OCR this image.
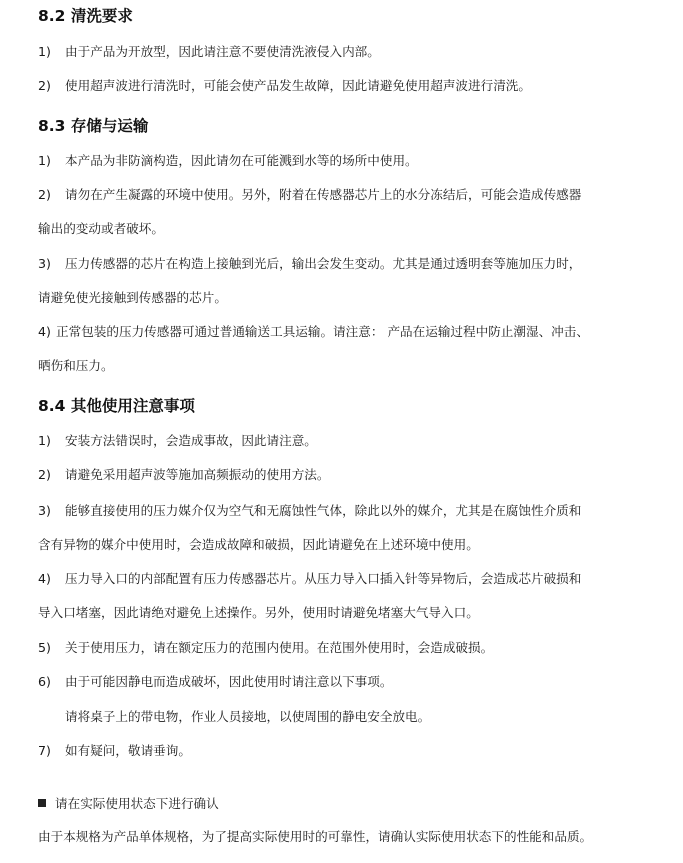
8.2 清洗要求
1) 由于产品为开放型，因此请注意不要使清洗液侵入内部。
2) 使用超声波进行清洗时，可能会使产品发生故障，因此请避免使用超声波进行清洗。
8.3 存储与运输
1) 本产品为非防滴构造，因此请勿在可能溅到水等的场所中使用。
2) 请勿在产生凝露的环境中使用。另外，附着在传感器芯片上的水分冻结后，可能会造成传感器
输出的变动或者破坏。
3) 压力传感器的芯片在构造上接触到光后，输出会发生变动。尤其是通过透明套等施加压力时，
请避免使光接触到传感器的芯片。
4) 正常包装的压力传感器可通过普通输送工具运输。请注意： 产品在运输过程中防止潮湿、冲击、
晒伤和压力。
8.4 其他使用注意事项
1) 安装方法错误时，会造成事故，因此请注意。
2) 请避免采用超声波等施加高频振动的使用方法。
3) 能够直接使用的压力媒介仅为空气和无腐蚀性气体，除此以外的媒介，尤其是在腐蚀性介质和
含有异物的媒介中使用时，会造成故障和破损，因此请避免在上述环境中使用。
4) 压力导入口的内部配置有压力传感器芯片。从压力导入口插入针等异物后，会造成芯片破损和
导入口堵塞，因此请绝对避免上述操作。另外，使用时请避免堵塞大气导入口。
5) 关于使用压力，请在额定压力的范围内使用。在范围外使用时，会造成破损。
6) 由于可能因静电而造成破坏，因此使用时请注意以下事项。
请将桌子上的带电物，作业人员接地，以使周围的静电安全放电。
7) 如有疑问，敬请垂询。
请在实际使用状态下进行确认
由于本规格为产品单体规格，为了提高实际使用时的可靠性，请确认实际使用状态下的性能和品质。
